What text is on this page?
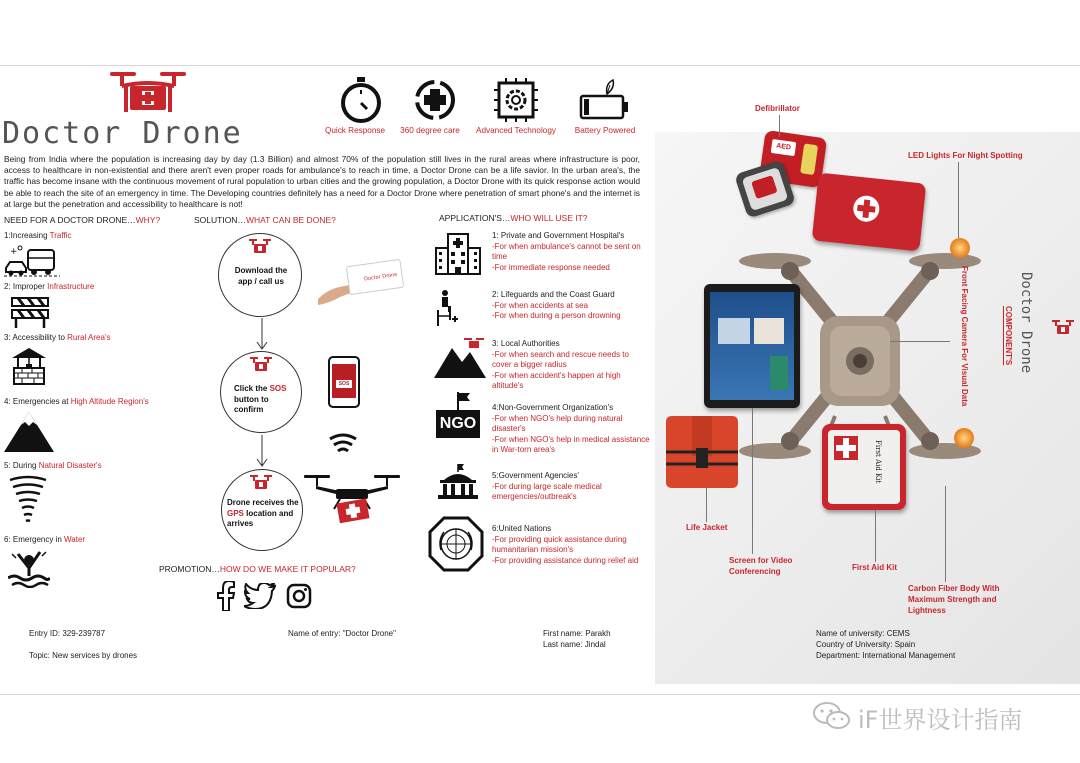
Doctor Drone	Quick Response	360 degree care	Advanced Technology	Battery Powered
Being from India where the population is increasing day by day (1.3 Billion) and almost 70% of the population still lives in the rural areas where infrastructure is poor, access to healthcare in non-existential and there aren't even proper roads for ambulance's to reach in time, a Doctor Drone can be a life savior. In the urban area's, the traffic has become insane with the continuous movement of rural population to urban cities and the growing population, a Doctor Drone with its quick response action would be able to reach the site of an emergency in time. The Developing countries definitely has a need for a Doctor Drone where penetration of smart phone's and the internet is at large but the penetration and accessibility to healthcare is not!
NEED FOR A DOCTOR DRONE…WHY?	SOLUTION…WHAT CAN BE DONE?	APPLICATION'S…WHO WILL USE IT?
1:Increasing Traffic
+
2: Improper Infrastructure
3: Accessibility to Rural Area's
4: Emergencies at High Altitude Region's
5: During Natural Disaster's
6: Emergency in Water
Download the app / call us	Doctor Drone
Click the SOS button to confirm
SOS
Drone receives the GPS location and arrives
PROMOTION…HOW DO WE MAKE IT POPULAR?
1: Private and Government Hospital's
-For when ambulance's cannot be sent on time
-For immediate response needed
2: Lifeguards and the Coast Guard
-For when accidents at sea
-For when during a person drowning
3: Local Authorities
-For when search and rescue needs to cover a bigger radius
-For when accident's happen at high altitude's
NGO
4:Non-Government Organization's
-For when NGO's help during natural disaster's
-For when NGO's help in medical assistance in War-torn area's
5:Government Agencies'
-For during large scale medical emergencies/outbreak's
6:United Nations
-For providing quick assistance during humanitarian mission's
-For providing assistance during relief aid
AED
First Aid Kit
Doctor Drone
COMPONENT'S
Defibrillator
LED Lights For Night Spotting
Front Facing Camera For Visual Data
Life Jacket
Screen for Video Conferencing	First Aid Kit
Carbon Fiber Body With Maximum Strength and Lightness
Entry ID: 329-239787
Topic: New services by drones
Name of entry: "Doctor Drone"	First name: Parakh
Last name: Jindal
Name of university: CEMS
Country of University: Spain
Department: International Management
iF世界设计指南
